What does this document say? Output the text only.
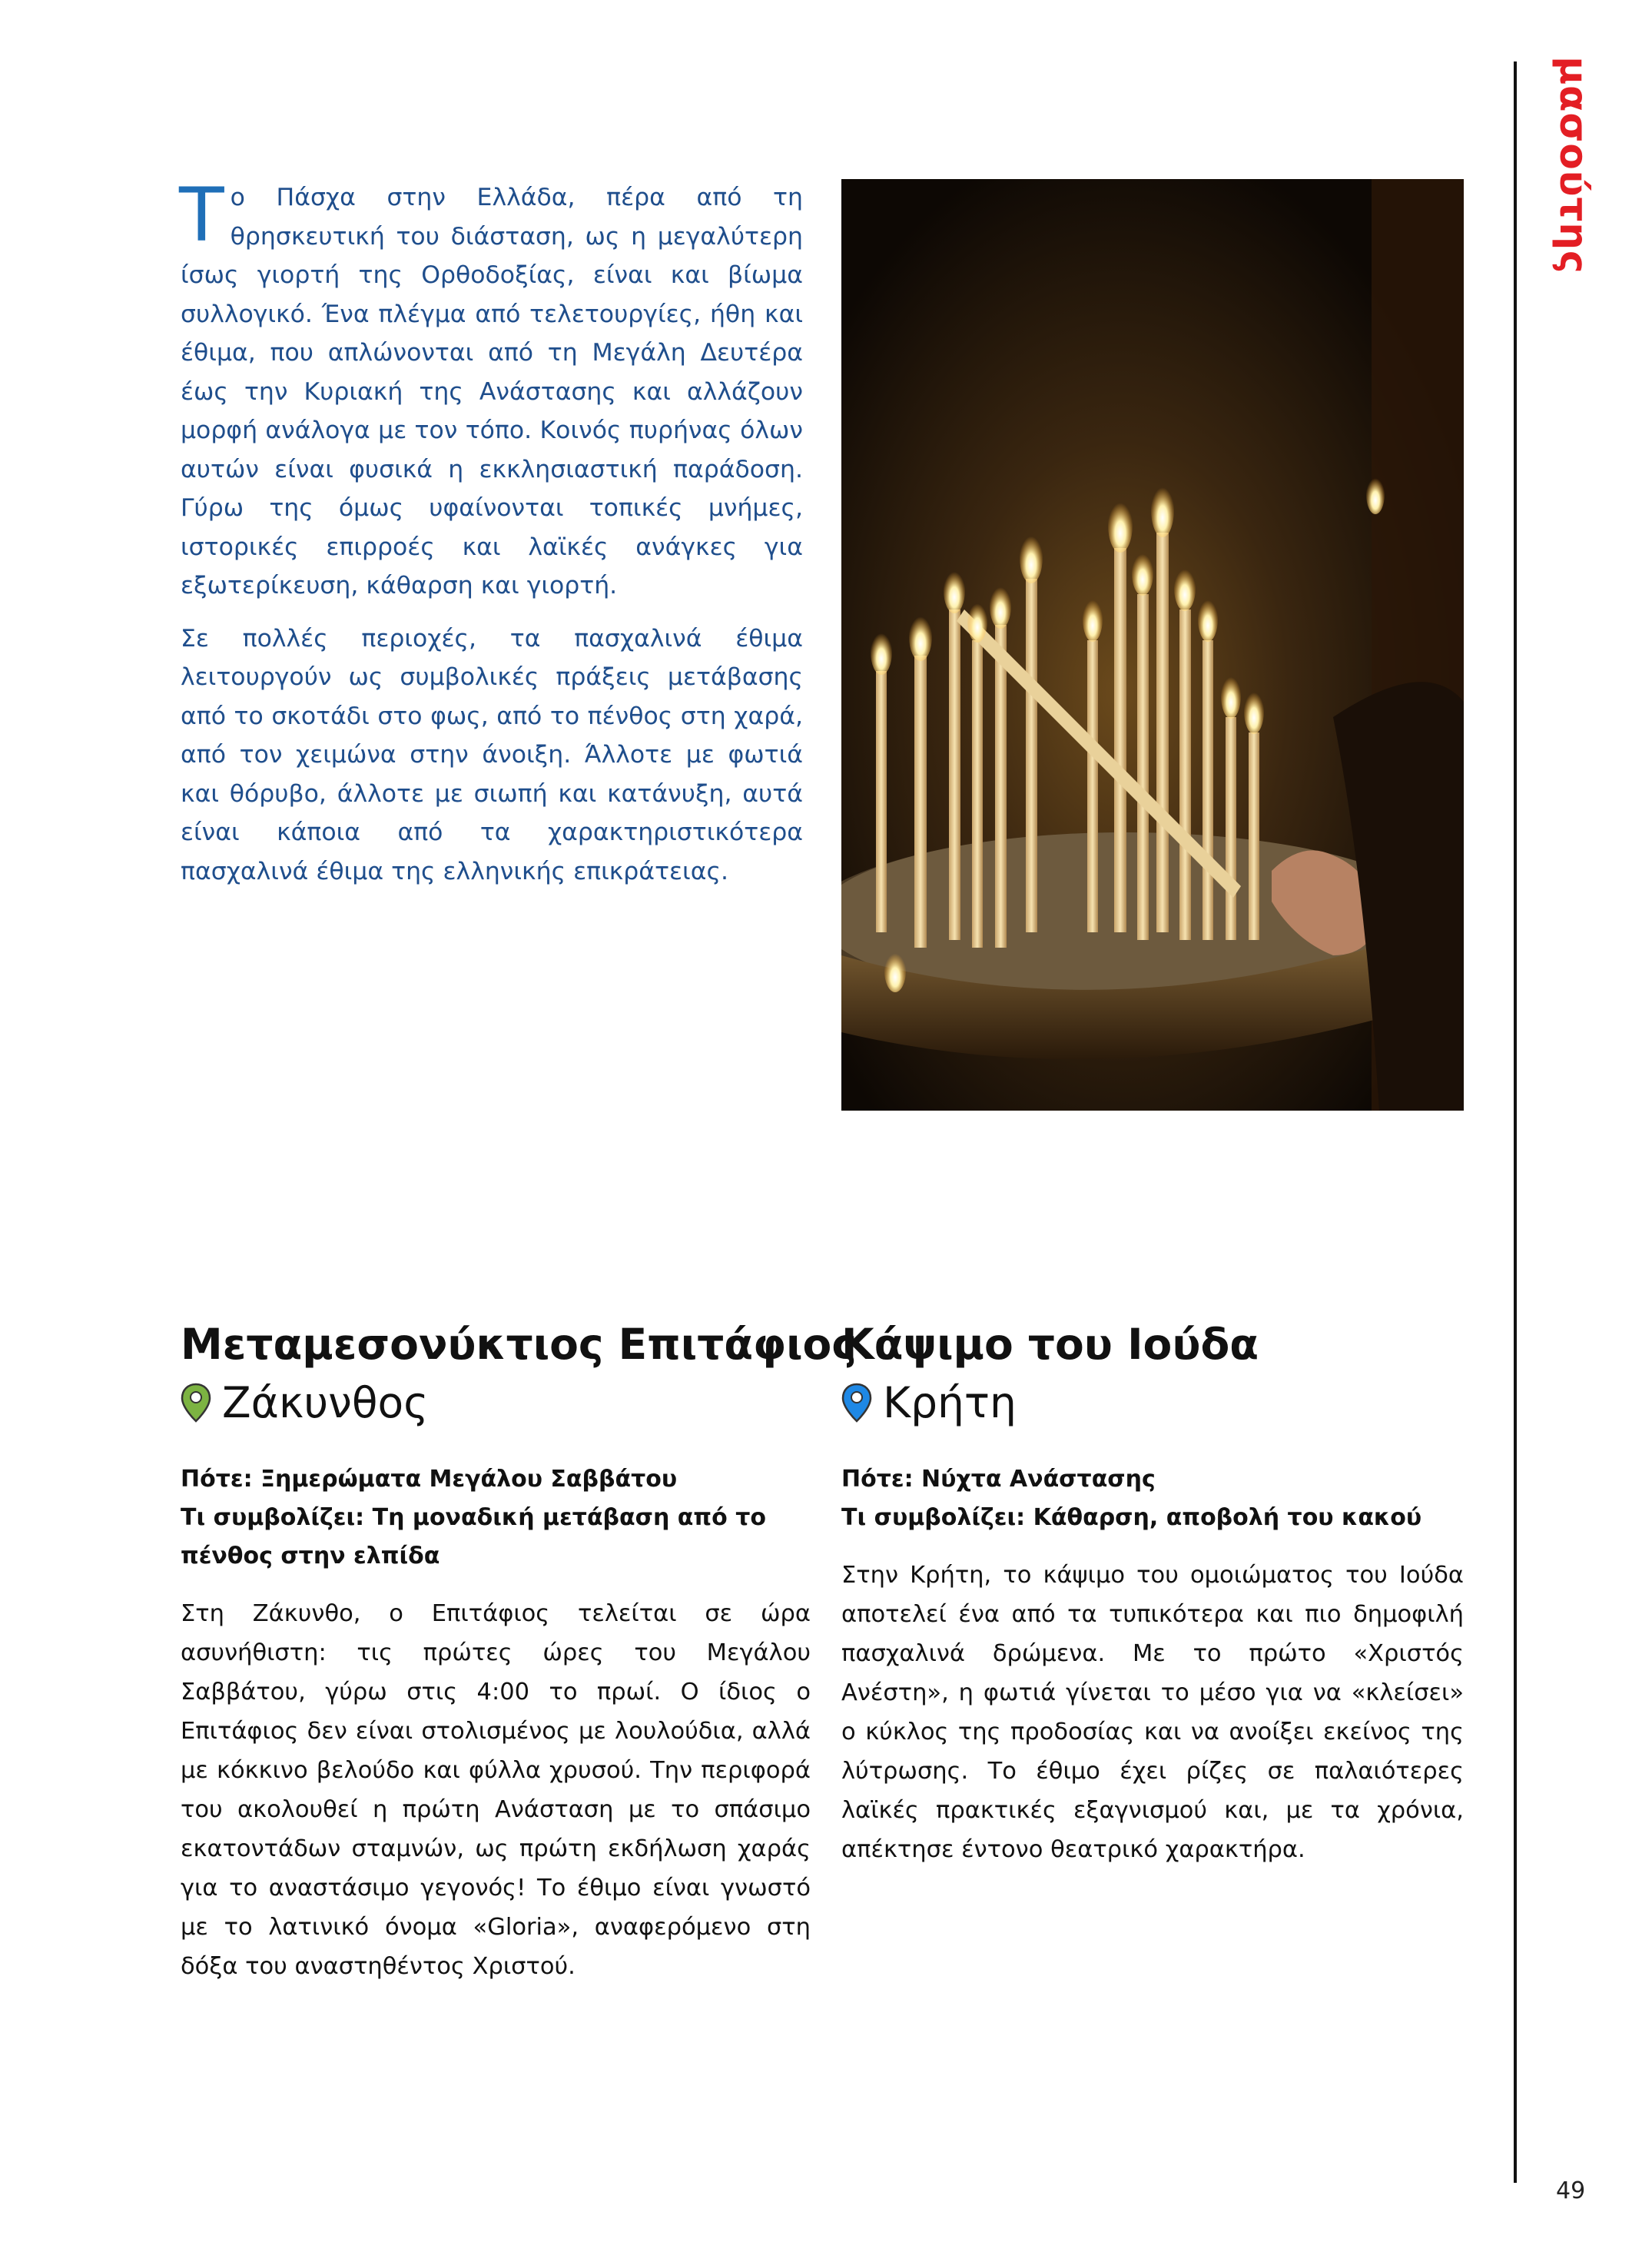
μασούτης
49

Το Πάσχα στην Ελλάδα, πέρα από τη θρησκευτική του διάσταση, ως η μεγαλύτερη ίσως γιορτή της Ορθοδοξίας, είναι και βίωμα συλλογικό. Ένα πλέγμα από τελετουργίες, ήθη και έθιμα, που απλώνονται από τη Μεγάλη Δευτέρα έως την Κυριακή της Ανάστασης και αλλάζουν μορφή ανάλογα με τον τόπο. Κοινός πυρήνας όλων αυτών είναι φυσικά η εκκλησιαστική παράδοση. Γύρω της όμως υφαίνονται τοπικές μνήμες, ιστορικές επιρροές και λαϊκές ανάγκες για εξωτερίκευση, κάθαρση και γιορτή.

Σε πολλές περιοχές, τα πασχαλινά έθιμα λειτουργούν ως συμβολικές πράξεις μετάβασης από το σκοτάδι στο φως, από το πένθος στη χαρά, από τον χειμώνα στην άνοιξη. Άλλοτε με φωτιά και θόρυβο, άλλοτε με σιωπή και κατάνυξη, αυτά είναι κάποια από τα χαρακτηριστικότερα πασχαλινά έθιμα της ελληνικής επικράτειας.

Μεταμεσονύκτιος Επιτάφιος
Ζάκυνθος
Πότε: Ξημερώματα Μεγάλου Σαββάτου
Τι συμβολίζει: Τη μοναδική μετάβαση από το πένθος στην ελπίδα
Στη Ζάκυνθο, ο Επιτάφιος τελείται σε ώρα ασυνήθιστη: τις πρώτες ώρες του Μεγάλου Σαββάτου, γύρω στις 4:00 το πρωί. Ο ίδιος ο Επιτάφιος δεν είναι στολισμένος με λουλούδια, αλλά με κόκκινο βελούδο και φύλλα χρυσού. Την περιφορά του ακολουθεί η πρώτη Ανάσταση με το σπάσιμο εκατοντάδων σταμνών, ως πρώτη εκδήλωση χαράς για το αναστάσιμο γεγονός! Το έθιμο είναι γνωστό με το λατινικό όνομα «Gloria», αναφερόμενο στη δόξα του αναστηθέντος Χριστού.
Κάψιμο του Ιούδα
Κρήτη
Πότε: Νύχτα Ανάστασης
Τι συμβολίζει: Κάθαρση, αποβολή του κακού
Στην Κρήτη, το κάψιμο του ομοιώματος του Ιούδα αποτελεί ένα από τα τυπικότερα και πιο δημοφιλή πασχαλινά δρώμενα. Με το πρώτο «Χριστός Ανέστη», η φωτιά γίνεται το μέσο για να «κλείσει» ο κύκλος της προδοσίας και να ανοίξει εκείνος της λύτρωσης. Το έθιμο έχει ρίζες σε παλαιότερες λαϊκές πρακτικές εξαγνισμού και, με τα χρόνια, απέκτησε έντονο θεατρικό χαρακτήρα.
